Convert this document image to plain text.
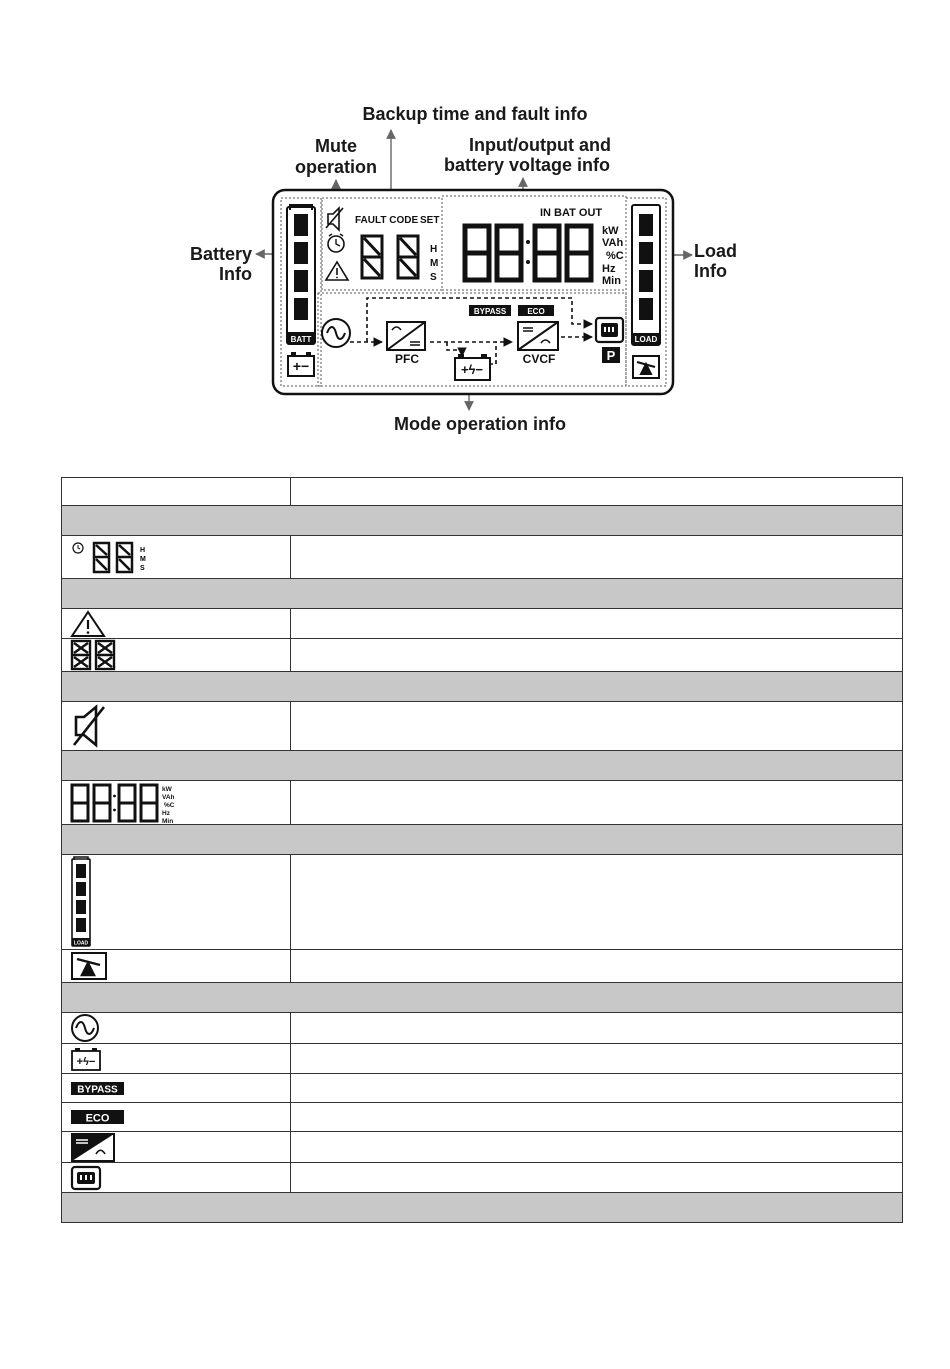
Backup time and fault info
Mute
operation
Input/output and
battery voltage info
Battery
Info
Load
Info
Mode operation info
BATT
+−
LOAD
FAULT CODE SET
H
M
S
IN BAT OUT
kW
VAh
%C
Hz
Min
PFC
+ϟ−
BYPASS	ECO
CVCF	P

H
M
S	

kW
VAh
%C
Hz
Min	

LOAD	

+ϟ−	

BYPASS	

ECO	
